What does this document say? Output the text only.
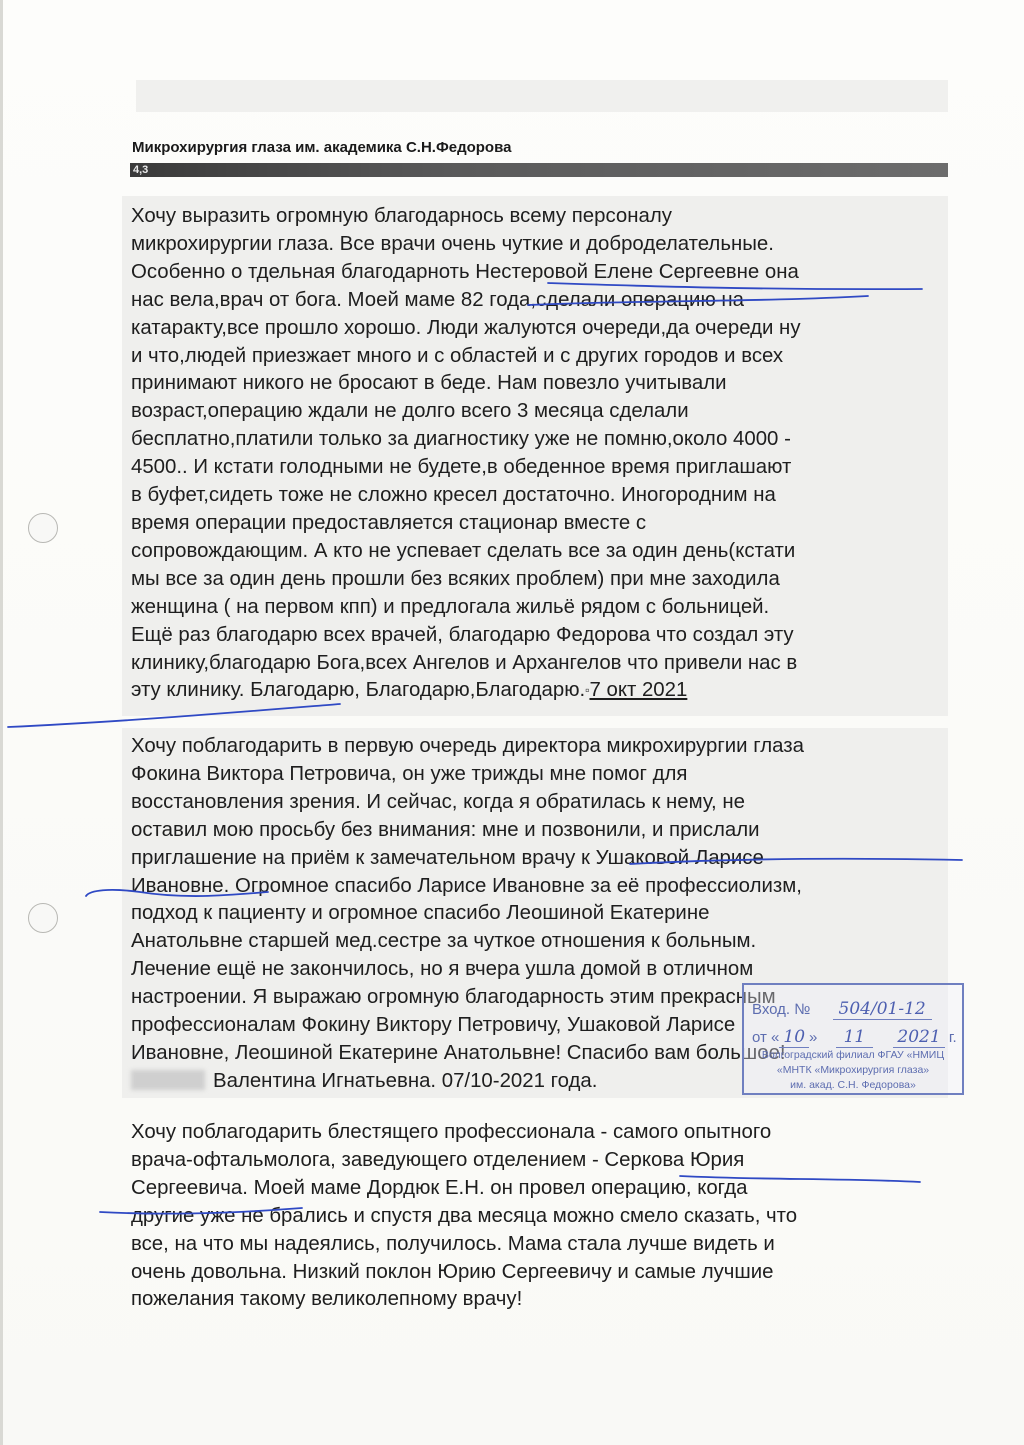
Микрохирургия глаза им. академика С.Н.Федорова
4,3
Хочу выразить огромную благодарнось всему персоналу
микрохирургии глаза. Все врачи очень чуткие и доброделательные.
Особенно о тдельная благодарноть Нестеровой Елене Сергеевне она
нас вела,врач от бога. Моей маме 82 года,сделали операцию на
катаракту,все прошло хорошо. Люди жалуются очереди,да очереди ну
и что,людей приезжает много и с областей и с других городов и всех
принимают никого не бросают в беде. Нам повезло учитывали
возраст,операцию ждали не долго всего 3 месяца сделали
бесплатно,платили только за диагностику уже не помню,около 4000 -
4500.. И кстати голодными не будете,в обеденное время приглашают
в буфет,сидеть тоже не сложно кресел достаточно. Иногородним на
время операции предоставляется стационар вместе с
сопровождающим. А кто не успевает сделать все за один день(кстати
мы все за один день прошли без всяких проблем) при мне заходила
женщина ( на первом кпп) и предлогала жильё рядом с больницей.
Ещё раз благодарю всех врачей, благодарю Федорова что создал эту
клинику,благодарю Бога,всех Ангелов и Архангелов что привели нас в
эту клинику. Благодарю, Благодарю,Благодарю.▫7 окт 2021
Хочу поблагодарить в первую очередь директора микрохирургии глаза
Фокина Виктора Петровича, он уже трижды мне помог для
восстановления зрения. И сейчас, когда я обратилась к нему, не
оставил мою просьбу без внимания: мне и позвонили, и прислали
приглашение на приём к замечательном врачу к Ушаковой Ларисе
Ивановне. Огромное спасибо Ларисе Ивановне за её профессиолизм,
подход к пациенту и огромное спасибо Леошиной Екатерине
Анатольвне старшей мед.сестре за чуткое отношения к больным.
Лечение ещё не закончилось, но я вчера ушла домой в отличном
настроении. Я выражаю огромную благодарность этим прекрасным
профессионалам Фокину Виктору Петровичу, Ушаковой Ларисе
Ивановне, Леошиной Екатерине Анатольвне! Спасибо вам большое!
Валентина Игнатьевна. 07/10-2021 года.
Хочу поблагодарить блестящего профессионала - самого опытного
врача-офтальмолога, заведующего отделением - Серкова Юрия
Сергеевича. Моей маме Дордюк Е.Н. он провел операцию, когда
другие уже не брались и спустя два месяца можно смело сказать, что
все, на что мы надеялись, получилось. Мама стала лучше видеть и
очень довольна. Низкий поклон Юрию Сергеевичу и самые лучшие
пожелания такому великолепному врачу!
Вход. № 504/01-12
от « 10 » 11 2021 г.
Волгоградский филиал ФГАУ «НМИЦ
«МНТК «Микрохирургия глаза»
им. акад. С.Н. Федорова»
